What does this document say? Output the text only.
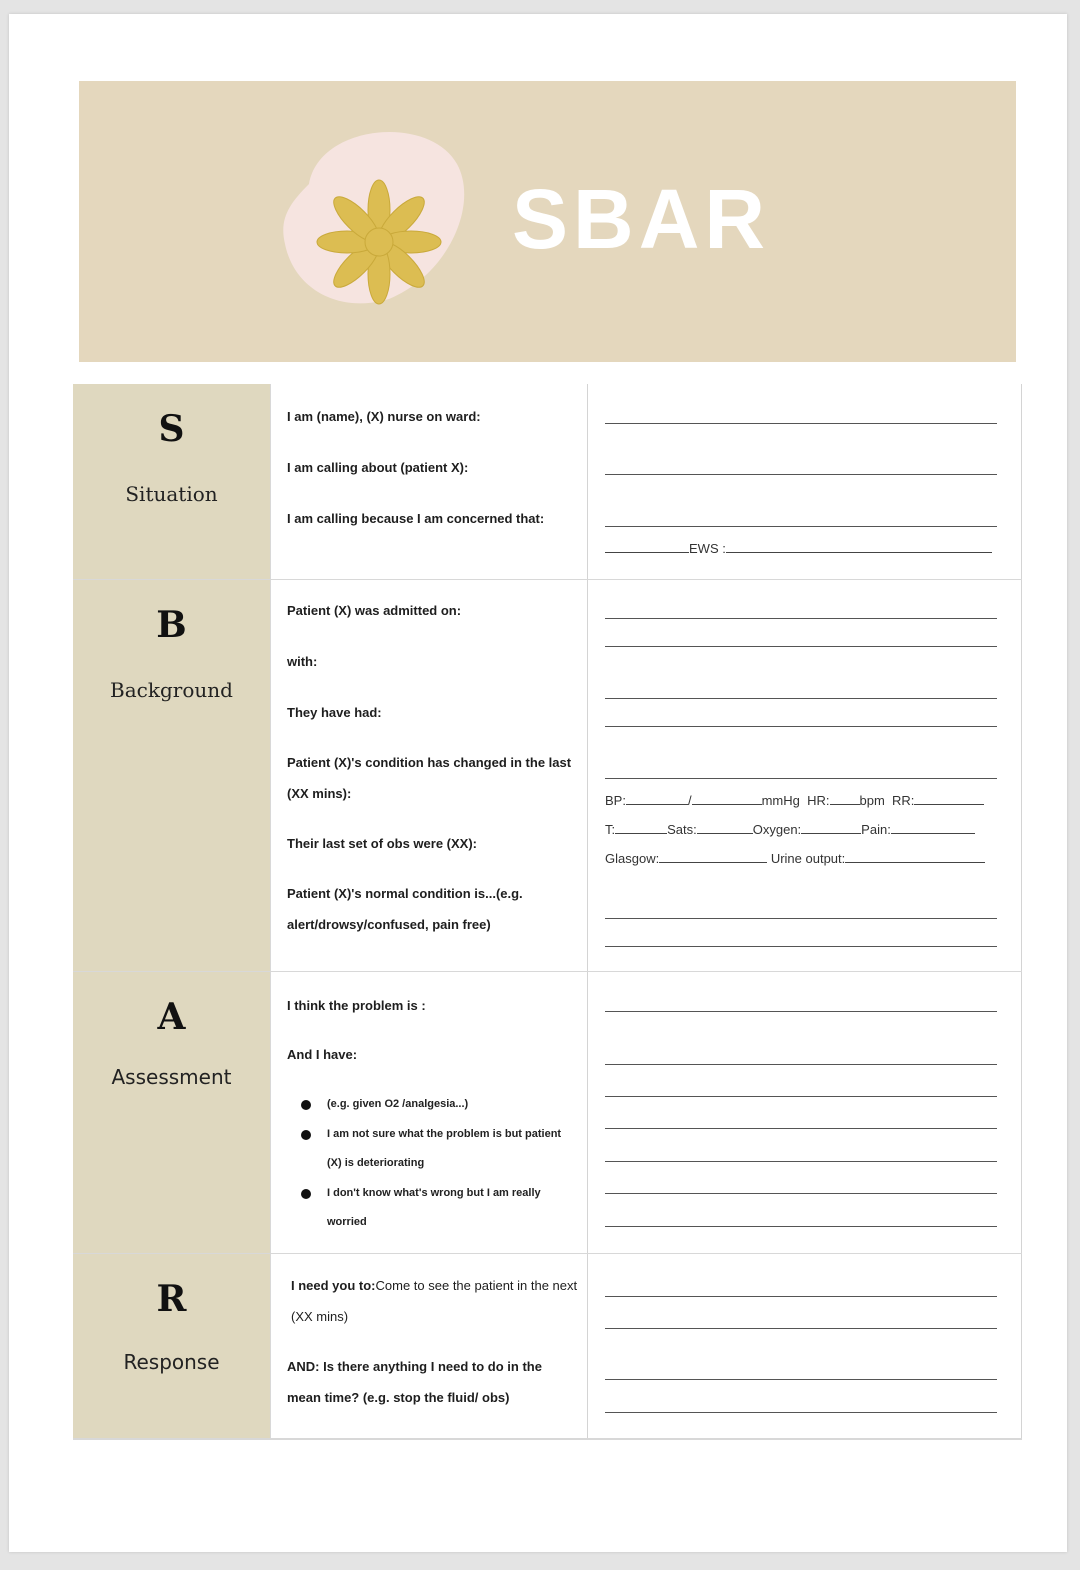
SBAR
S
Situation
I am (name), (X) nurse on ward:
I am calling about (patient X):
I am calling because I am concerned that:
EWS :
B
Background
Patient (X) was admitted on:
with:
They have had:
Patient (X)'s condition has changed in the last (XX mins):
Their last set of obs were (XX):
Patient (X)'s normal condition is...(e.g. alert/drowsy/confused, pain free)
BP:	/	mmHg HR: bpm RR:
T:	Sats:	Oxygen:	Pain:
Glasgow:	Urine output:
A
Assessment
I think the problem is :
And I have:
(e.g. given O2 /analgesia...)
I am not sure what the problem is but patient (X) is deteriorating
I don't know what's wrong but I am really worried
R
Response
I need you to:Come to see the patient in the next (XX mins)
AND: Is there anything I need to do in the mean time? (e.g. stop the fluid/ obs)
